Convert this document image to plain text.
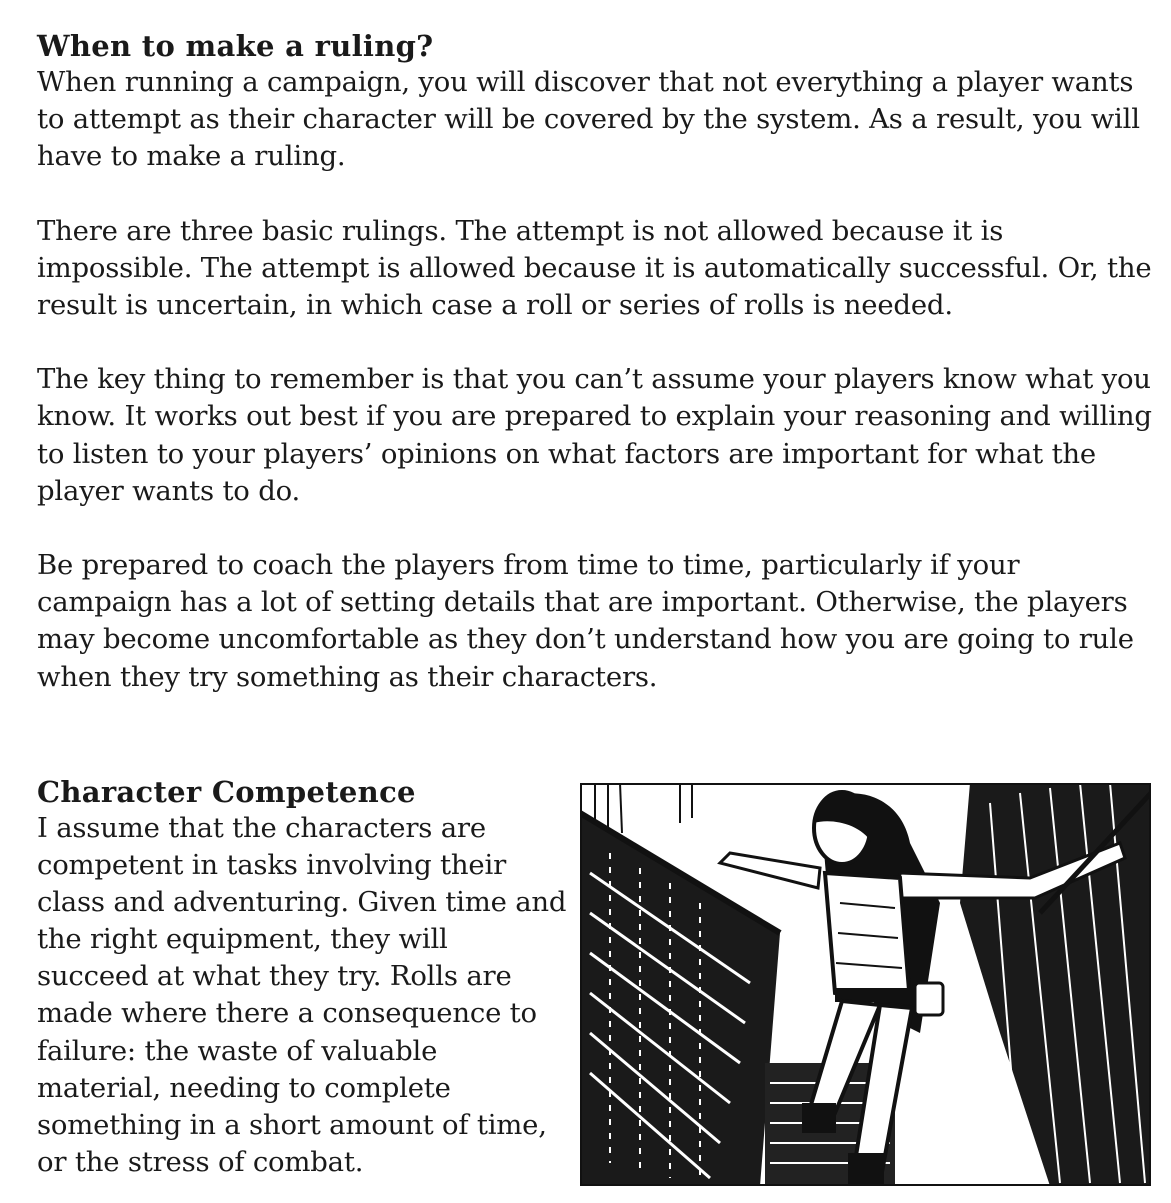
When to make a ruling?

When running a campaign, you will discover that not everything a player wants to attempt as their character will be covered by the system. As a result, you will have to make a ruling.

There are three basic rulings. The attempt is not allowed because it is impossible. The attempt is allowed because it is automatically successful. Or, the result is uncertain, in which case a roll or series of rolls is needed.

The key thing to remember is that you can’t assume your players know what you know. It works out best if you are prepared to explain your reasoning and willing to listen to your players’ opinions on what factors are important for what the player wants to do.

Be prepared to coach the players from time to time, particularly if your campaign has a lot of setting details that are important. Otherwise, the players may become uncomfortable as they don’t understand how you are going to rule when they try something as their characters.

Character Competence

I assume that the characters are competent in tasks involving their class and adventuring. Given time and the right equipment, they will succeed at what they try. Rolls are made where there a consequence to failure: the waste of valuable material, needing to complete something in a short amount of time, or the stress of combat.
